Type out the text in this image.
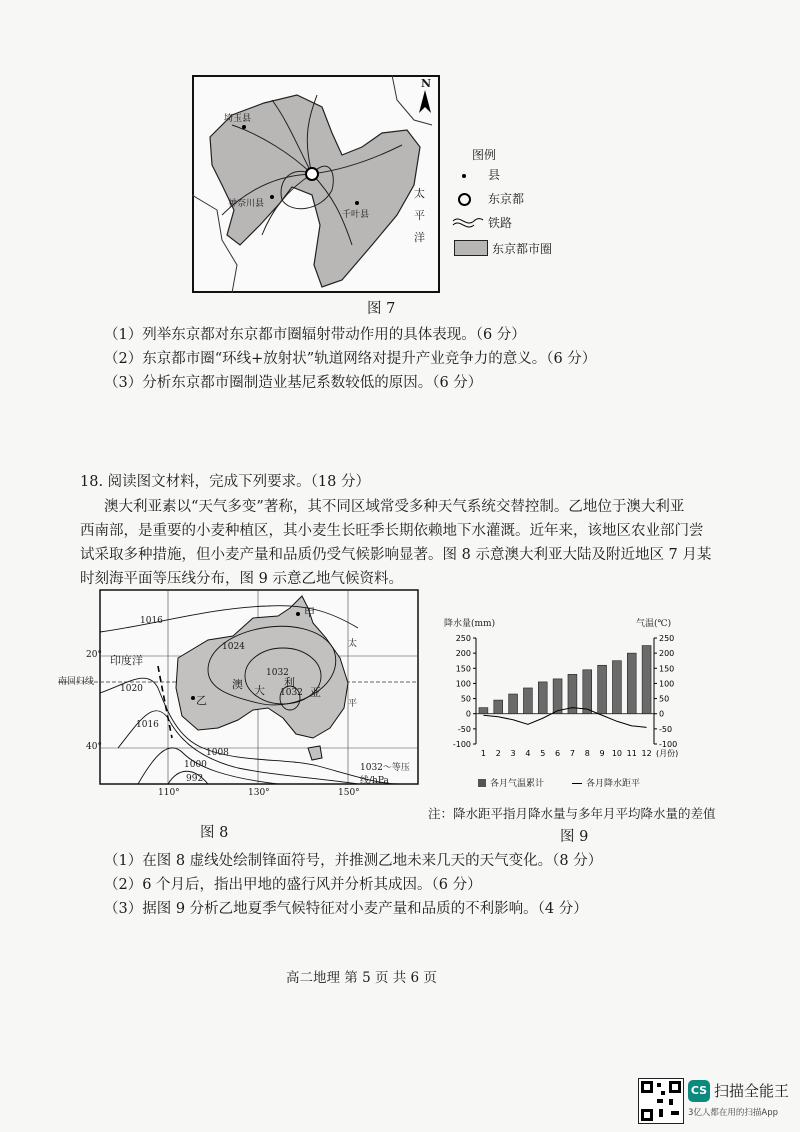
埼玉县
神奈川县
千叶县
N
太
平
洋
图例
县
东京都
铁路
东京都市圈
图 7
（1）列举东京都对东京都市圈辐射带动作用的具体表现。（6 分）
（2）东京都市圈“环线+放射状”轨道网络对提升产业竞争力的意义。（6 分）
（3）分析东京都市圈制造业基尼系数较低的原因。（6 分）
18. 阅读图文材料，完成下列要求。（18 分）
澳大利亚素以“天气多变”著称，其不同区域常受多种天气系统交替控制。乙地位于澳大利亚
西南部，是重要的小麦种植区，其小麦生长旺季长期依赖地下水灌溉。近年来，该地区农业部门尝
试采取多种措施，但小麦产量和品质仍受气候影响显著。图 8 示意澳大利亚大陆及附近地区 7 月某
时刻海平面等压线分布，图 9 示意乙地气候资料。
1016
1024
1032
1032
1020
1016
1008
1000
992
印度洋
澳 大
利
亚
甲
乙
太
平
南回归线
20°
40°
110°	130°	150°
1032～等压线/hPa
图 8
降水量(mm)	气温(℃)
250	250
200	200
150	150
100	100
50	50
0	0
-50	-50
-100	-100
1 2 3 4 5 6 7 8 9 10 11 12 (月份)
各月气温累计	各月降水距平
注：降水距平指月降水量与多年月平均降水量的差值
图 9
（1）在图 8 虚线处绘制锋面符号，并推测乙地未来几天的天气变化。（8 分）
（2）6 个月后，指出甲地的盛行风并分析其成因。（6 分）
（3）据图 9 分析乙地夏季气候特征对小麦产量和品质的不利影响。（4 分）
高二地理 第 5 页 共 6 页
CS 扫描全能王
3亿人都在用的扫描App
